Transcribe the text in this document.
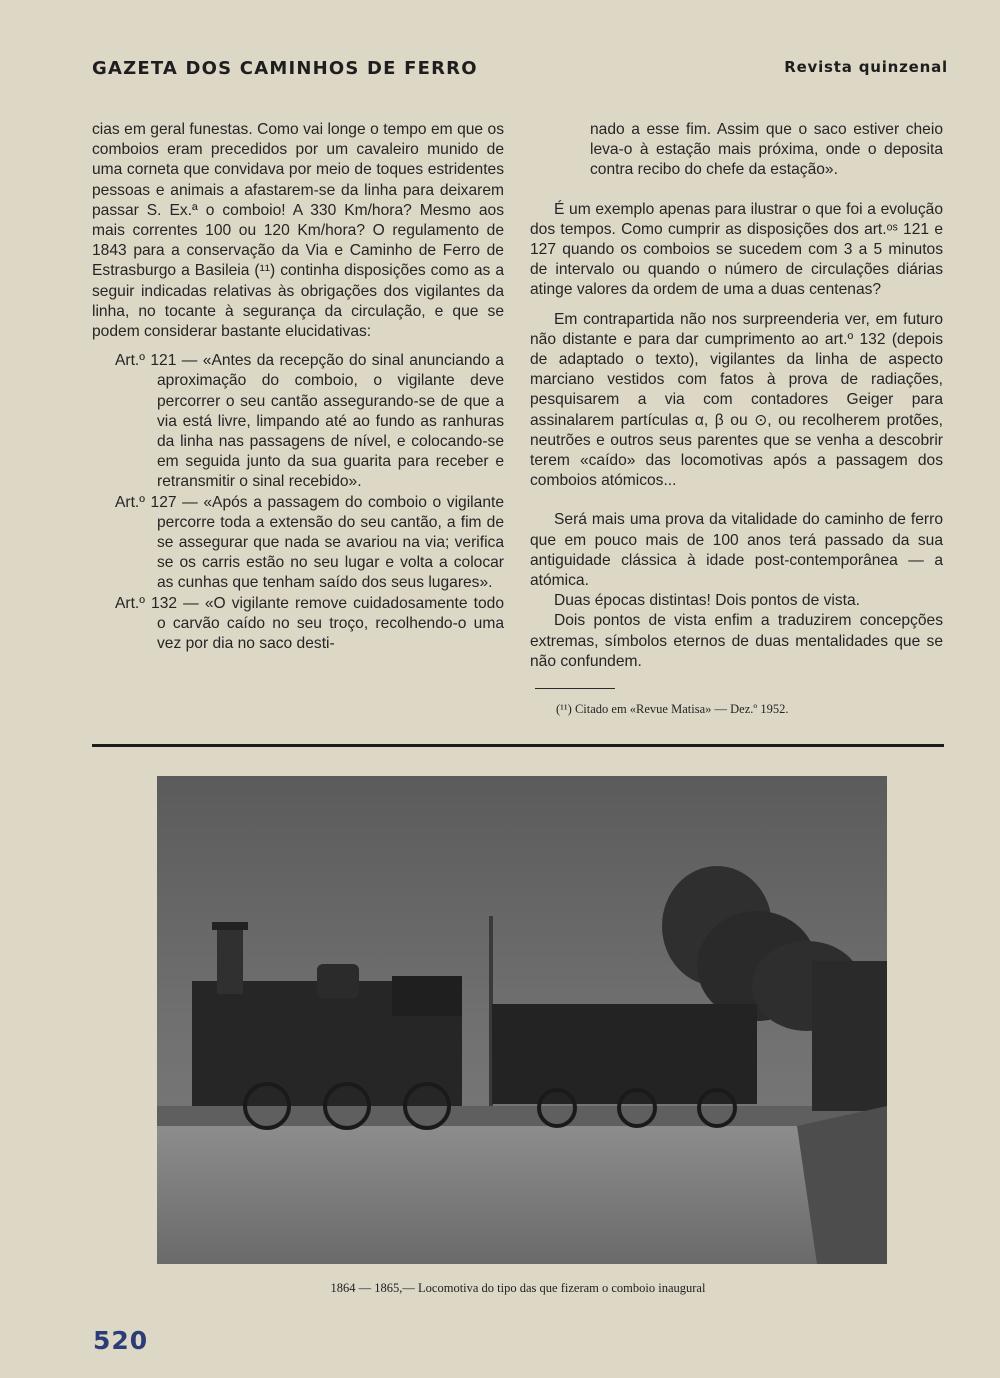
GAZETA DOS CAMINHOS DE FERRO	Revista quinzenal

cias em geral funestas. Como vai longe o tempo em que os comboios eram precedidos por um cavaleiro munido de uma corneta que convidava por meio de toques estridentes pessoas e animais a afastarem-se da linha para deixarem passar S. Ex.ª o comboio! A 330 Km/hora? Mesmo aos mais correntes 100 ou 120 Km/hora? O regulamento de 1843 para a conservação da Via e Caminho de Ferro de Estrasburgo a Basileia (¹¹) continha disposições como as a seguir indicadas relativas às obrigações dos vigilantes da linha, no tocante à segurança da circulação, e que se podem considerar bastante elucidativas:

Art.º 121 — «Antes da recepção do sinal anunciando a aproximação do comboio, o vigilante deve percorrer o seu cantão assegurando-se de que a via está livre, limpando até ao fundo as ranhuras da linha nas passagens de nível, e colocando-se em seguida junto da sua guarita para receber e retransmitir o sinal recebido».

Art.º 127 — «Após a passagem do comboio o vigilante percorre toda a extensão do seu cantão, a fim de se assegurar que nada se avariou na via; verifica se os carris estão no seu lugar e volta a colocar as cunhas que tenham saído dos seus lugares».

Art.º 132 — «O vigilante remove cuidadosamente todo o carvão caído no seu troço, recolhendo-o uma vez por dia no saco desti-

nado a esse fim. Assim que o saco estiver cheio leva-o à estação mais próxima, onde o deposita contra recibo do chefe da estação».

É um exemplo apenas para ilustrar o que foi a evolução dos tempos. Como cumprir as disposições dos art.ᵒˢ 121 e 127 quando os comboios se sucedem com 3 a 5 minutos de intervalo ou quando o número de circulações diárias atinge valores da ordem de uma a duas centenas?

Em contrapartida não nos surpreenderia ver, em futuro não distante e para dar cumprimento ao art.º 132 (depois de adaptado o texto), vigilantes da linha de aspecto marciano vestidos com fatos à prova de radiações, pesquisarem a via com contadores Geiger para assinalarem partículas α, β ou ⊙, ou recolherem protões, neutrões e outros seus parentes que se venha a descobrir terem «caído» das locomotivas após a passagem dos comboios atómicos...

Será mais uma prova da vitalidade do caminho de ferro que em pouco mais de 100 anos terá passado da sua antiguidade clássica à idade post-contemporânea — a atómica.

Duas épocas distintas! Dois pontos de vista.

Dois pontos de vista enfim a traduzirem concepções extremas, símbolos eternos de duas mentalidades que se não confundem.

(¹¹) Citado em «Revue Matisa» — Dez.º 1952.

1864 — 1865,— Locomotiva do tipo das que fizeram o comboio inaugural
520
